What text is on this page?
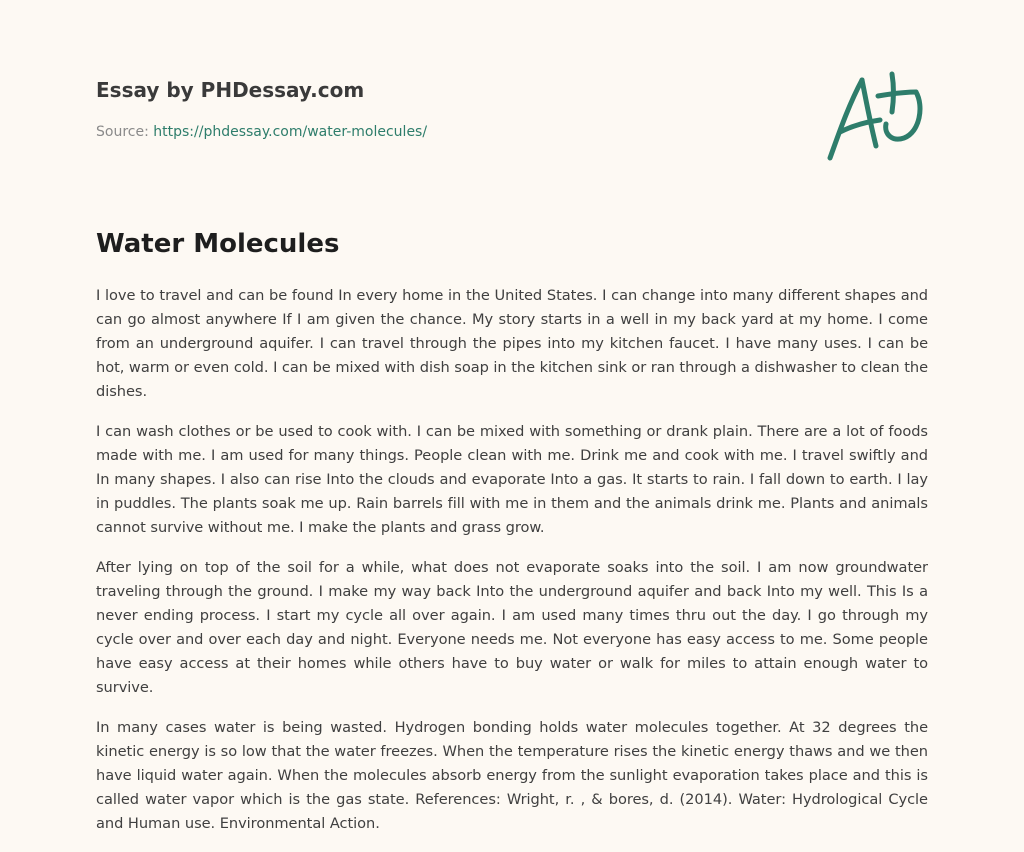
Essay by PHDessay.com
Source: https://phdessay.com/water-molecules/
Water Molecules

I love to travel and can be found In every home in the United States. I can change into many different shapes and can go almost anywhere If I am given the chance. My story starts in a well in my back yard at my home. I come from an underground aquifer. I can travel through the pipes into my kitchen faucet. I have many uses. I can be hot, warm or even cold. I can be mixed with dish soap in the kitchen sink or ran through a dishwasher to clean the dishes.

I can wash clothes or be used to cook with. I can be mixed with something or drank plain. There are a lot of foods made with me. I am used for many things. People clean with me. Drink me and cook with me. I travel swiftly and In many shapes. I also can rise Into the clouds and evaporate Into a gas. It starts to rain. I fall down to earth. I lay in puddles. The plants soak me up. Rain barrels fill with me in them and the animals drink me. Plants and animals cannot survive without me. I make the plants and grass grow.

After lying on top of the soil for a while, what does not evaporate soaks into the soil. I am now groundwater traveling through the ground. I make my way back Into the underground aquifer and back Into my well. This Is a never ending process. I start my cycle all over again. I am used many times thru out the day. I go through my cycle over and over each day and night. Everyone needs me. Not everyone has easy access to me. Some people have easy access at their homes while others have to buy water or walk for miles to attain enough water to survive.

In many cases water is being wasted. Hydrogen bonding holds water molecules together. At 32 degrees the kinetic energy is so low that the water freezes. When the temperature rises the kinetic energy thaws and we then have liquid water again. When the molecules absorb energy from the sunlight evaporation takes place and this is called water vapor which is the gas state. References: Wright, r. , & bores, d. (2014). Water: Hydrological Cycle and Human use. Environmental Action.
